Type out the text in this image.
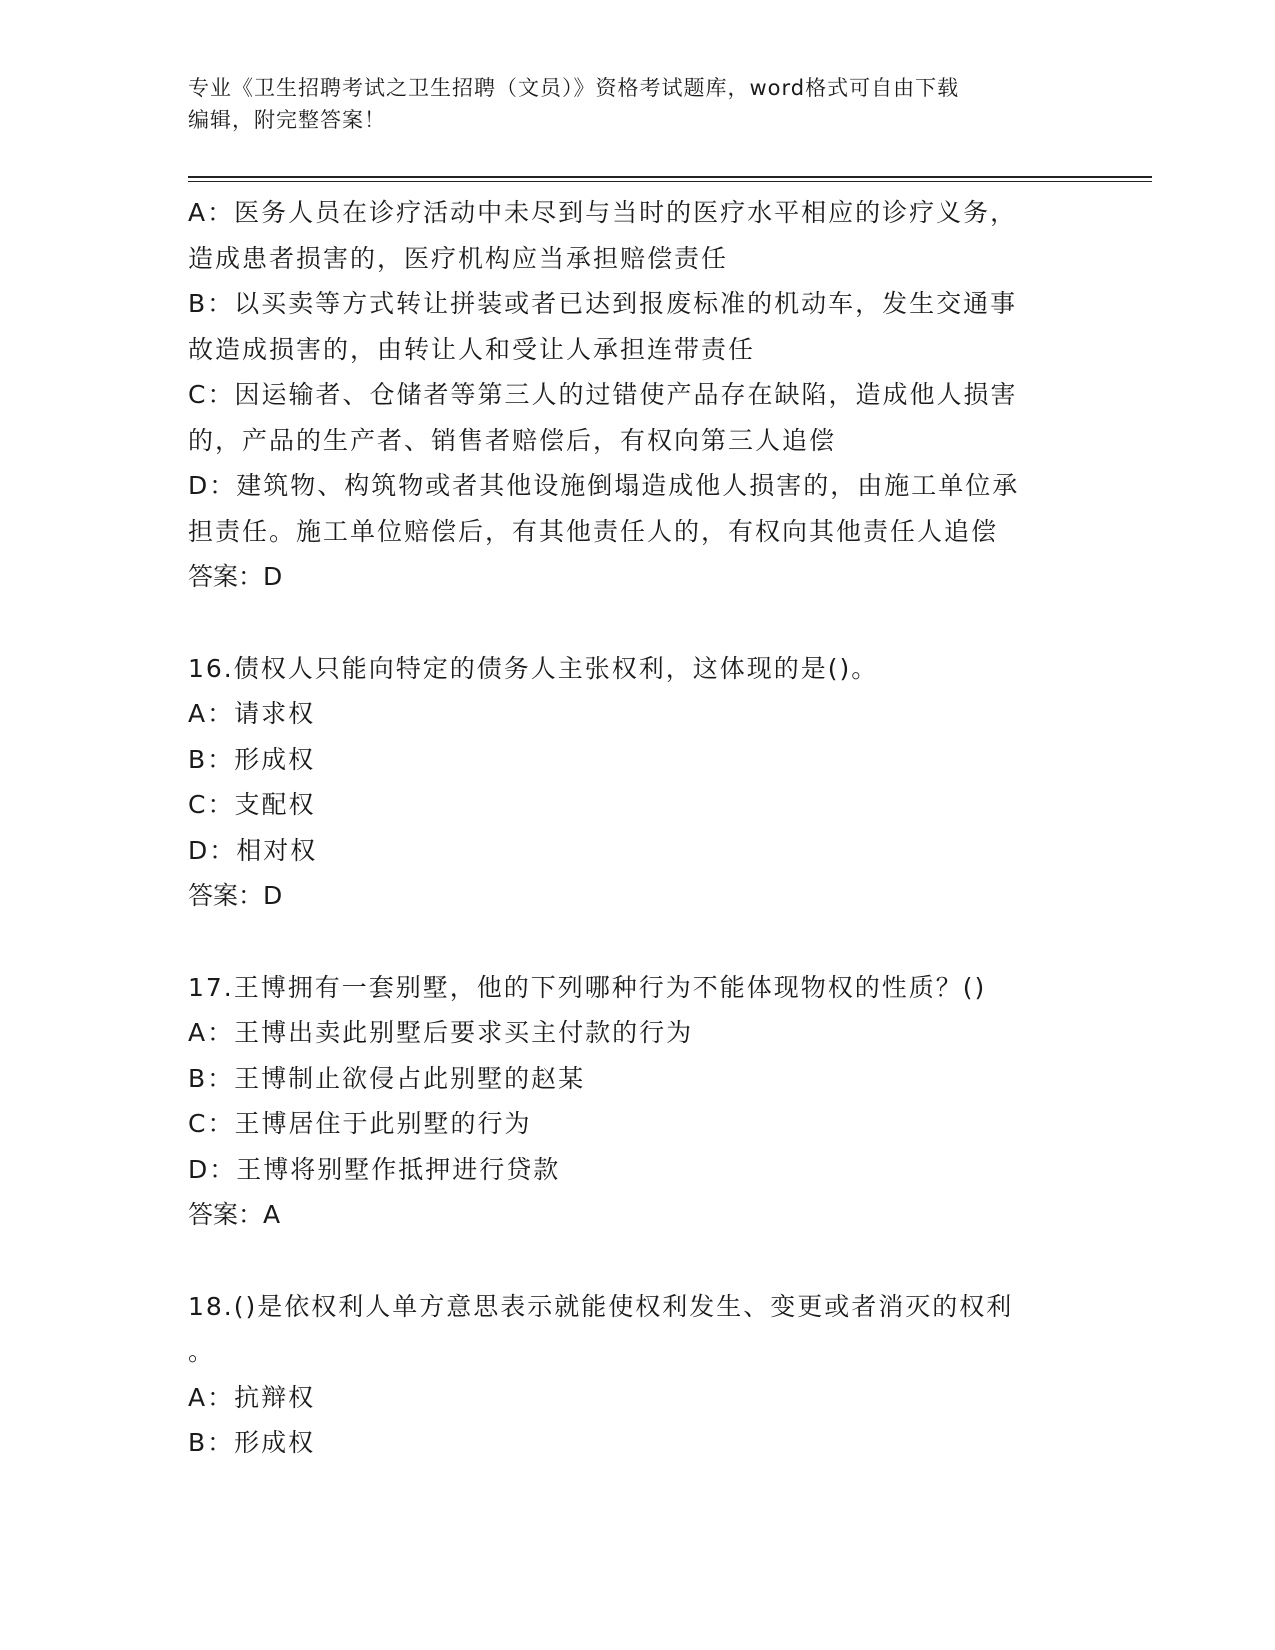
专业《卫生招聘考试之卫生招聘（文员）》资格考试题库，word格式可自由下载
编辑，附完整答案！
A：医务人员在诊疗活动中未尽到与当时的医疗水平相应的诊疗义务，
造成患者损害的，医疗机构应当承担赔偿责任
B：以买卖等方式转让拼装或者已达到报废标准的机动车，发生交通事
故造成损害的，由转让人和受让人承担连带责任
C：因运输者、仓储者等第三人的过错使产品存在缺陷，造成他人损害
的，产品的生产者、销售者赔偿后，有权向第三人追偿
D：建筑物、构筑物或者其他设施倒塌造成他人损害的，由施工单位承
担责任。施工单位赔偿后，有其他责任人的，有权向其他责任人追偿
答案：D
16.债权人只能向特定的债务人主张权利，这体现的是()。
A：请求权
B：形成权
C：支配权
D：相对权
答案：D
17.王博拥有一套别墅，他的下列哪种行为不能体现物权的性质？()
A：王博出卖此别墅后要求买主付款的行为
B：王博制止欲侵占此别墅的赵某
C：王博居住于此别墅的行为
D：王博将别墅作抵押进行贷款
答案：A
18.()是依权利人单方意思表示就能使权利发生、变更或者消灭的权利
。
A：抗辩权
B：形成权
